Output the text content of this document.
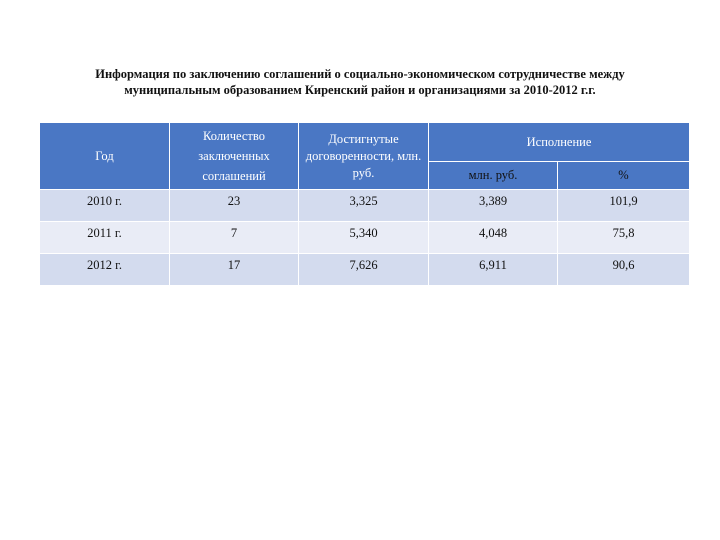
Информация по заключению соглашений о социально-экономическом сотрудничестве между
муниципальным образованием Киренский район и организациями за 2010-2012 г.г.
Год	Количество заключенных соглашений	Достигнутые договоренности, млн. руб.	Исполнение	
			млн. руб.	%
2010 г.	23	3,325	3,389	101,9
2011 г.	7	5,340	4,048	75,8
2012 г.	17	7,626	6,911	90,6
